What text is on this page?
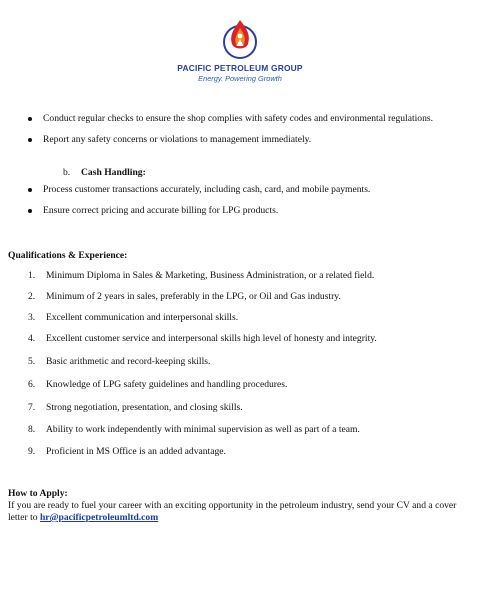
PACIFIC PETROLEUM GROUP
Energy. Powering Growth
Conduct regular checks to ensure the shop complies with safety codes and environmental regulations.
Report any safety concerns or violations to management immediately.
b. Cash Handling:
Process customer transactions accurately, including cash, card, and mobile payments.
Ensure correct pricing and accurate billing for LPG products.
Qualifications & Experience:
1. Minimum Diploma in Sales & Marketing, Business Administration, or a related field.
2. Minimum of 2 years in sales, preferably in the LPG, or Oil and Gas industry.
3. Excellent communication and interpersonal skills.
4. Excellent customer service and interpersonal skills high level of honesty and integrity.
5. Basic arithmetic and record-keeping skills.
6. Knowledge of LPG safety guidelines and handling procedures.
7. Strong negotiation, presentation, and closing skills.
8. Ability to work independently with minimal supervision as well as part of a team.
9. Proficient in MS Office is an added advantage.
How to Apply:
If you are ready to fuel your career with an exciting opportunity in the petroleum industry, send your CV and a cover letter to hr@pacificpetroleumltd.com
